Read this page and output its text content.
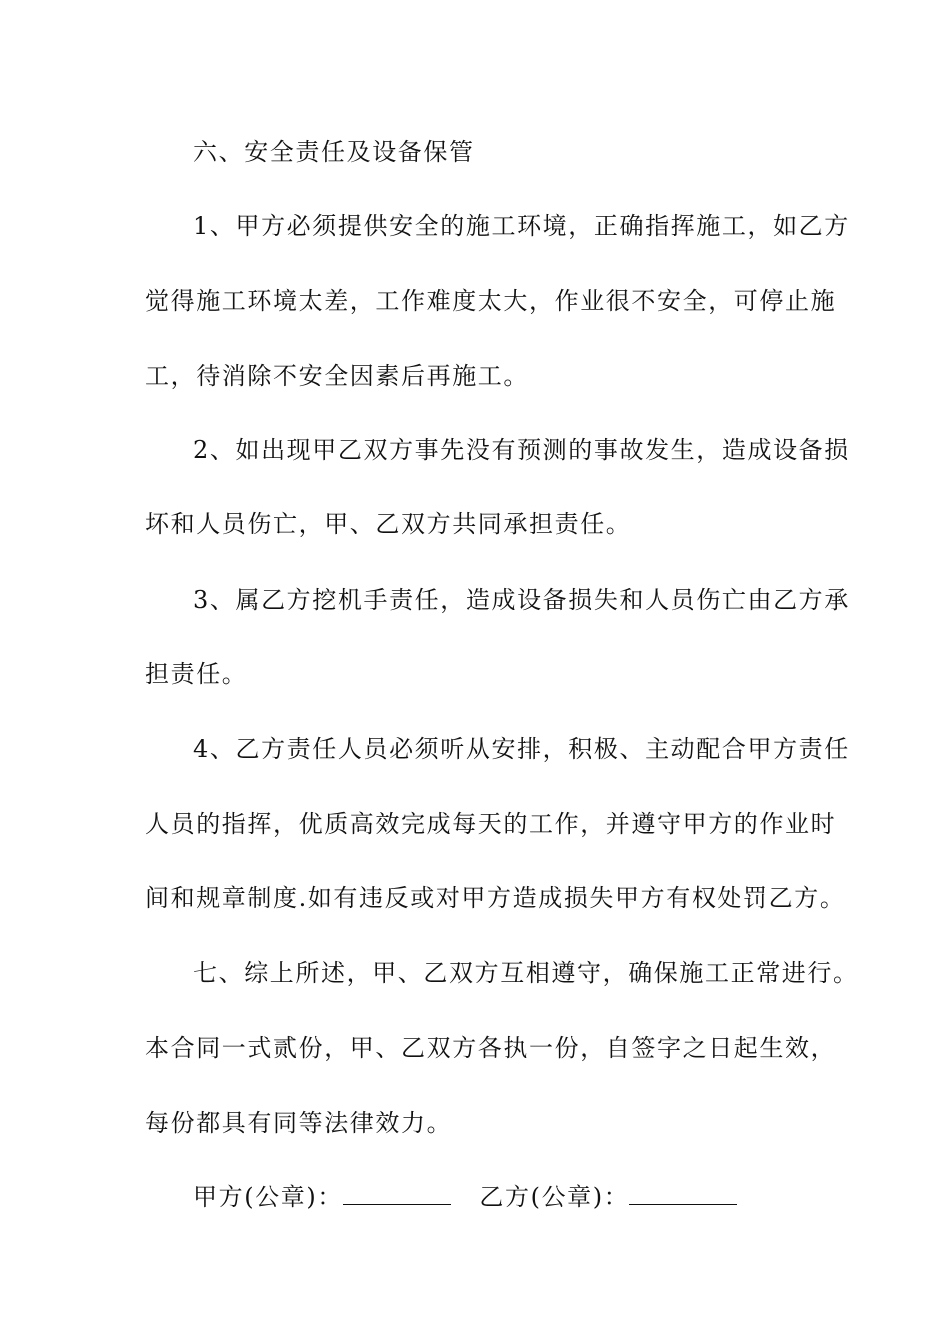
六、安全责任及设备保管
1、甲方必须提供安全的施工环境，正确指挥施工，如乙方
觉得施工环境太差，工作难度太大，作业很不安全，可停止施
工，待消除不安全因素后再施工。
2、如出现甲乙双方事先没有预测的事故发生，造成设备损
坏和人员伤亡，甲、乙双方共同承担责任。
3、属乙方挖机手责任，造成设备损失和人员伤亡由乙方承
担责任。
4、乙方责任人员必须听从安排，积极、主动配合甲方责任
人员的指挥，优质高效完成每天的工作，并遵守甲方的作业时
间和规章制度.如有违反或对甲方造成损失甲方有权处罚乙方。
七、综上所述，甲、乙双方互相遵守，确保施工正常进行。
本合同一式贰份，甲、乙双方各执一份，自签字之日起生效，
每份都具有同等法律效力。
甲方(公章)：	乙方(公章)：
